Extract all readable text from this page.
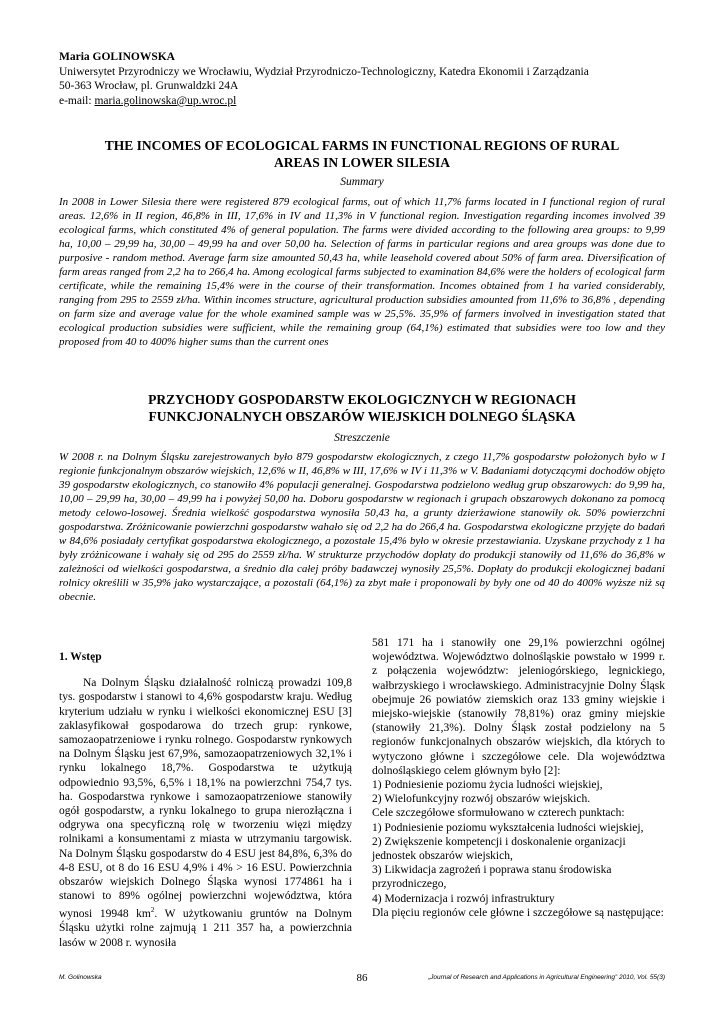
Maria GOLINOWSKA
Uniwersytet Przyrodniczy we Wrocławiu, Wydział Przyrodniczo-Technologiczny, Katedra Ekonomii i Zarządzania
50-363 Wrocław, pl. Grunwaldzki 24A
e-mail: maria.golinowska@up.wroc.pl
THE INCOMES OF ECOLOGICAL FARMS IN FUNCTIONAL REGIONS OF RURAL
AREAS IN LOWER SILESIA
Summary

In 2008 in Lower Silesia there were registered 879 ecological farms, out of which 11,7% farms located in I functional region of rural areas. 12,6% in II region, 46,8% in III, 17,6% in IV and 11,3% in V functional region. Investigation regarding incomes involved 39 ecological farms, which constituted 4% of general population. The farms were divided according to the following area groups: to 9,99 ha, 10,00 – 29,99 ha, 30,00 – 49,99 ha and over 50,00 ha. Selection of farms in particular regions and area groups was done due to purposive - random method. Average farm size amounted 50,43 ha, while leasehold covered about 50% of farm area. Diversification of farm areas ranged from 2,2 ha to 266,4 ha. Among ecological farms subjected to examination 84,6% were the holders of ecological farm certificate, while the remaining 15,4% were in the course of their transformation. Incomes obtained from 1 ha varied considerably, ranging from 295 to 2559 zł/ha. Within incomes structure, agricultural production subsidies amounted from 11,6% to 36,8% , depending on farm size and average value for the whole examined sample was w 25,5%. 35,9% of farmers involved in investigation stated that ecological production subsidies were sufficient, while the remaining group (64,1%) estimated that subsidies were too low and they proposed from 40 to 400% higher sums than the current ones

PRZYCHODY GOSPODARSTW EKOLOGICZNYCH W REGIONACH
FUNKCJONALNYCH OBSZARÓW WIEJSKICH DOLNEGO ŚLĄSKA
Streszczenie

W 2008 r. na Dolnym Śląsku zarejestrowanych było 879 gospodarstw ekologicznych, z czego 11,7% gospodarstw położonych było w I regionie funkcjonalnym obszarów wiejskich, 12,6% w II, 46,8% w III, 17,6% w IV i 11,3% w V. Badaniami dotyczącymi dochodów objęto 39 gospodarstw ekologicznych, co stanowiło 4% populacji generalnej. Gospodarstwa podzielono według grup obszarowych: do 9,99 ha, 10,00 – 29,99 ha, 30,00 – 49,99 ha i powyżej 50,00 ha. Doboru gospodarstw w regionach i grupach obszarowych dokonano za pomocą metody celowo-losowej. Średnia wielkość gospodarstwa wynosiła 50,43 ha, a grunty dzierżawione stanowiły ok. 50% powierzchni gospodarstwa. Zróżnicowanie powierzchni gospodarstw wahało się od 2,2 ha do 266,4 ha. Gospodarstwa ekologiczne przyjęte do badań w 84,6% posiadały certyfikat gospodarstwa ekologicznego, a pozostałe 15,4% było w okresie przestawiania. Uzyskane przychody z 1 ha były zróżnicowane i wahały się od 295 do 2559 zł/ha. W strukturze przychodów dopłaty do produkcji stanowiły od 11,6% do 36,8% w zależności od wielkości gospodarstwa, a średnio dla całej próby badawczej wynosiły 25,5%. Dopłaty do produkcji ekologicznej badani rolnicy określili w 35,9% jako wystarczające, a pozostali (64,1%) za zbyt małe i proponowali by były one od 40 do 400% wyższe niż są obecnie.

1. Wstęp

Na Dolnym Śląsku działalność rolniczą prowadzi 109,8 tys. gospodarstw i stanowi to 4,6% gospodarstw kraju. Według kryterium udziału w rynku i wielkości ekonomicznej ESU [3] zaklasyfikował gospodarowa do trzech grup: rynkowe, samozaopatrzeniowe i rynku rolnego. Gospodarstw rynkowych na Dolnym Śląsku jest 67,9%, samozaopatrzeniowych 32,1% i rynku lokalnego 18,7%. Gospodarstwa te użytkują odpowiednio 93,5%, 6,5% i 18,1% na powierzchni 754,7 tys. ha. Gospodarstwa rynkowe i samozaopatrzeniowe stanowiły ogół gospodarstw, a rynku lokalnego to grupa nierozłączna i odgrywa ona specyficzną rolę w tworzeniu więzi między rolnikami a konsumentami z miasta w utrzymaniu targowisk. Na Dolnym Śląsku gospodarstw do 4 ESU jest 84,8%, 6,3% do 4-8 ESU, ot 8 do 16 ESU 4,9% i 4% > 16 ESU. Powierzchnia obszarów wiejskich Dolnego Śląska wynosi 1774861 ha i stanowi to 89% ogólnej powierzchni województwa, która wynosi 19948 $km^2$. W użytkowaniu gruntów na Dolnym Śląsku użytki rolne zajmują 1 211 357 ha, a powierzchnia lasów w 2008 r. wynosiła

581 171 ha i stanowiły one 29,1% powierzchni ogólnej województwa. Województwo dolnośląskie powstało w 1999 r. z połączenia województw: jeleniogórskiego, legnickiego, wałbrzyskiego i wrocławskiego. Administracyjnie Dolny Śląsk obejmuje 26 powiatów ziemskich oraz 133 gminy wiejskie i miejsko-wiejskie (stanowiły 78,81%) oraz gminy miejskie (stanowiły 21,3%). Dolny Śląsk został podzielony na 5 regionów funkcjonalnych obszarów wiejskich, dla których to wytyczono główne i szczegółowe cele. Dla województwa dolnośląskiego celem głównym było [2]:

1) Podniesienie poziomu życia ludności wiejskiej,

2) Wielofunkcyjny rozwój obszarów wiejskich.

Cele szczegółowe sformułowano w czterech punktach:

1) Podniesienie poziomu wykształcenia ludności wiejskiej,

2) Zwiększenie kompetencji i doskonalenie organizacji jednostek obszarów wiejskich,

3) Likwidacja zagrożeń i poprawa stanu środowiska przyrodniczego,

4) Modernizacja i rozwój infrastruktury

Dla pięciu regionów cele główne i szczegółowe są następujące:

M. Golinowska	86	„Journal of Research and Applications in Agricultural Engineering” 2010, Vol. 55(3)
